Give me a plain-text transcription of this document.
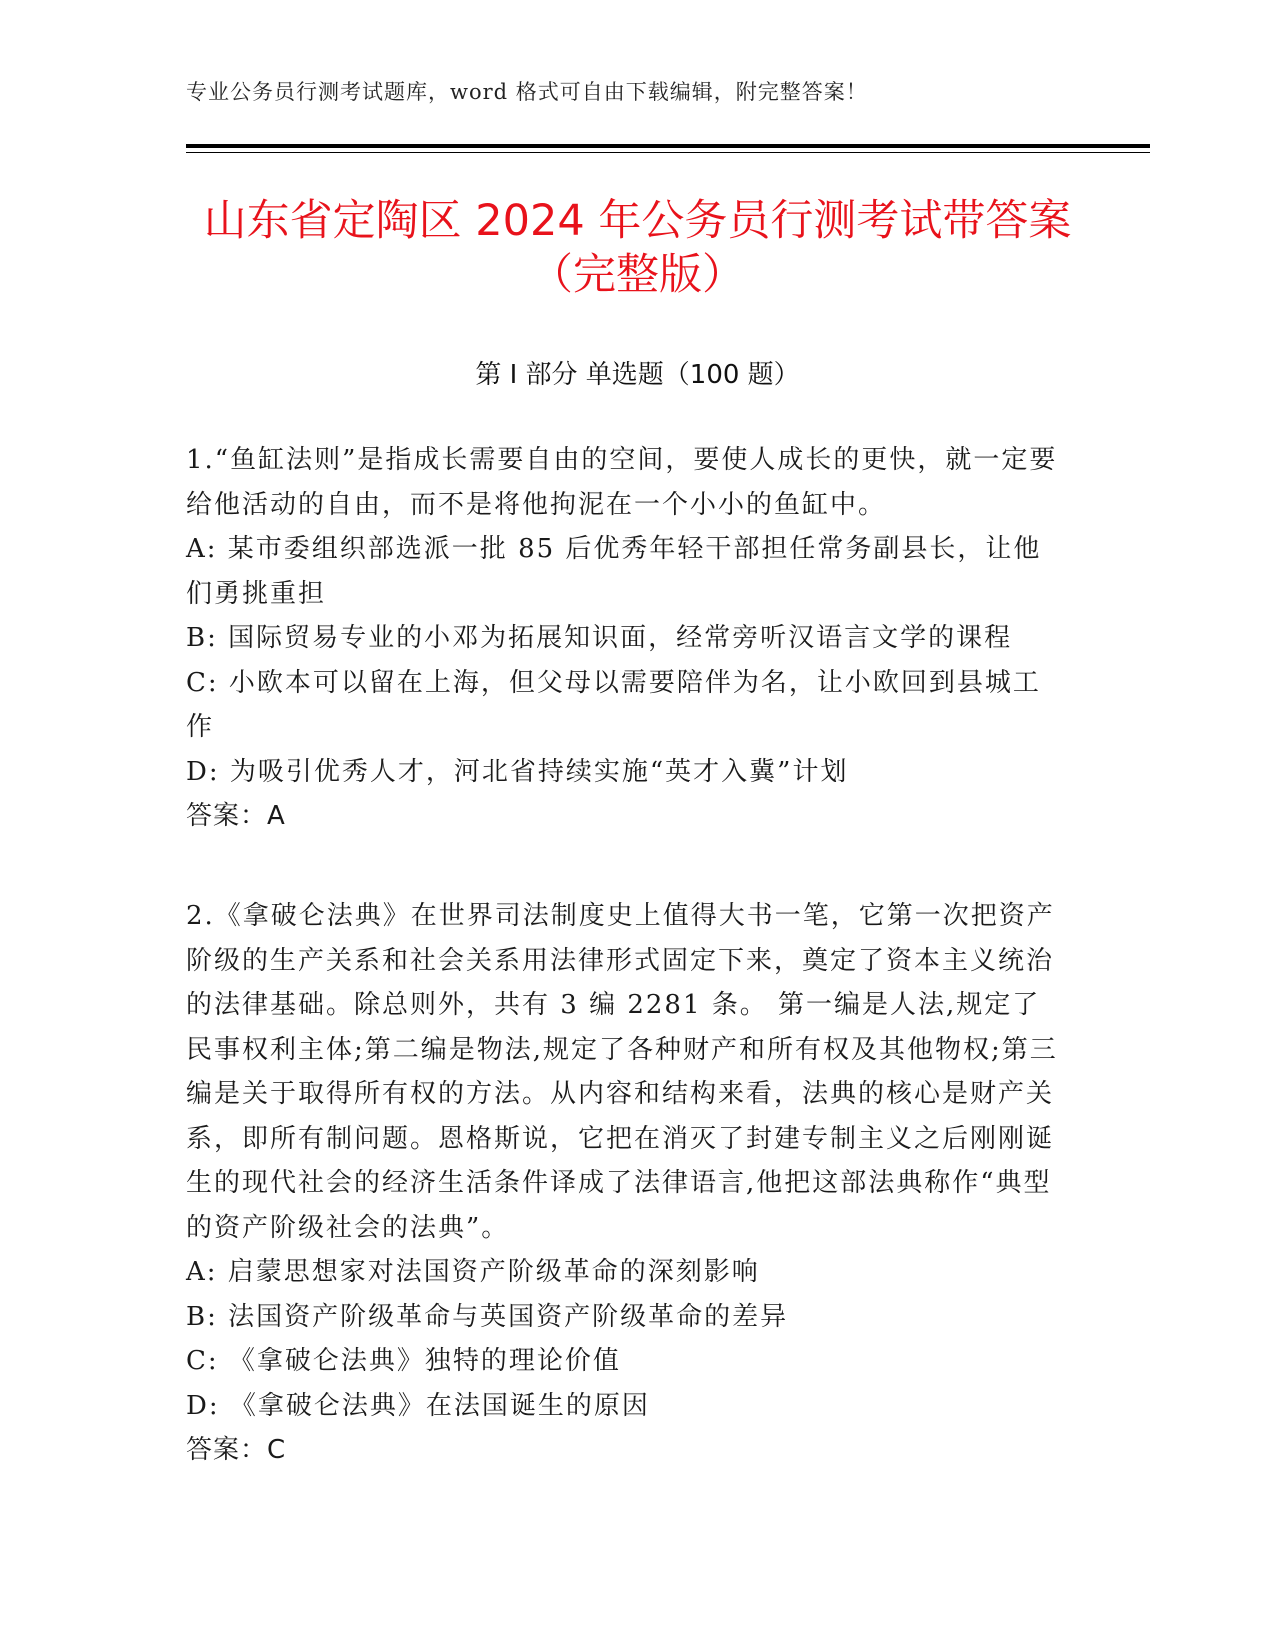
专业公务员行测考试题库，word 格式可自由下载编辑，附完整答案！
山东省定陶区 2024 年公务员行测考试带答案
（完整版）
第 I 部分 单选题（100 题）

1.“鱼缸法则”是指成长需要自由的空间，要使人成长的更快，就一定要给他活动的自由，而不是将他拘泥在一个小小的鱼缸中。

A: 某市委组织部选派一批 85 后优秀年轻干部担任常务副县长，让他们勇挑重担

B: 国际贸易专业的小邓为拓展知识面，经常旁听汉语言文学的课程

C: 小欧本可以留在上海，但父母以需要陪伴为名，让小欧回到县城工作

D: 为吸引优秀人才，河北省持续实施“英才入冀”计划

答案：A

2.《拿破仑法典》在世界司法制度史上值得大书一笔，它第一次把资产阶级的生产关系和社会关系用法律形式固定下来，奠定了资本主义统治的法律基础。除总则外，共有 3 编 2281 条。 第一编是人法,规定了民事权利主体;第二编是物法,规定了各种财产和所有权及其他物权;第三编是关于取得所有权的方法。从内容和结构来看，法典的核心是财产关系，即所有制问题。恩格斯说，它把在消灭了封建专制主义之后刚刚诞生的现代社会的经济生活条件译成了法律语言,他把这部法典称作“典型的资产阶级社会的法典”。

A: 启蒙思想家对法国资产阶级革命的深刻影响

B: 法国资产阶级革命与英国资产阶级革命的差异

C: 《拿破仑法典》独特的理论价值

D: 《拿破仑法典》在法国诞生的原因

答案：C
